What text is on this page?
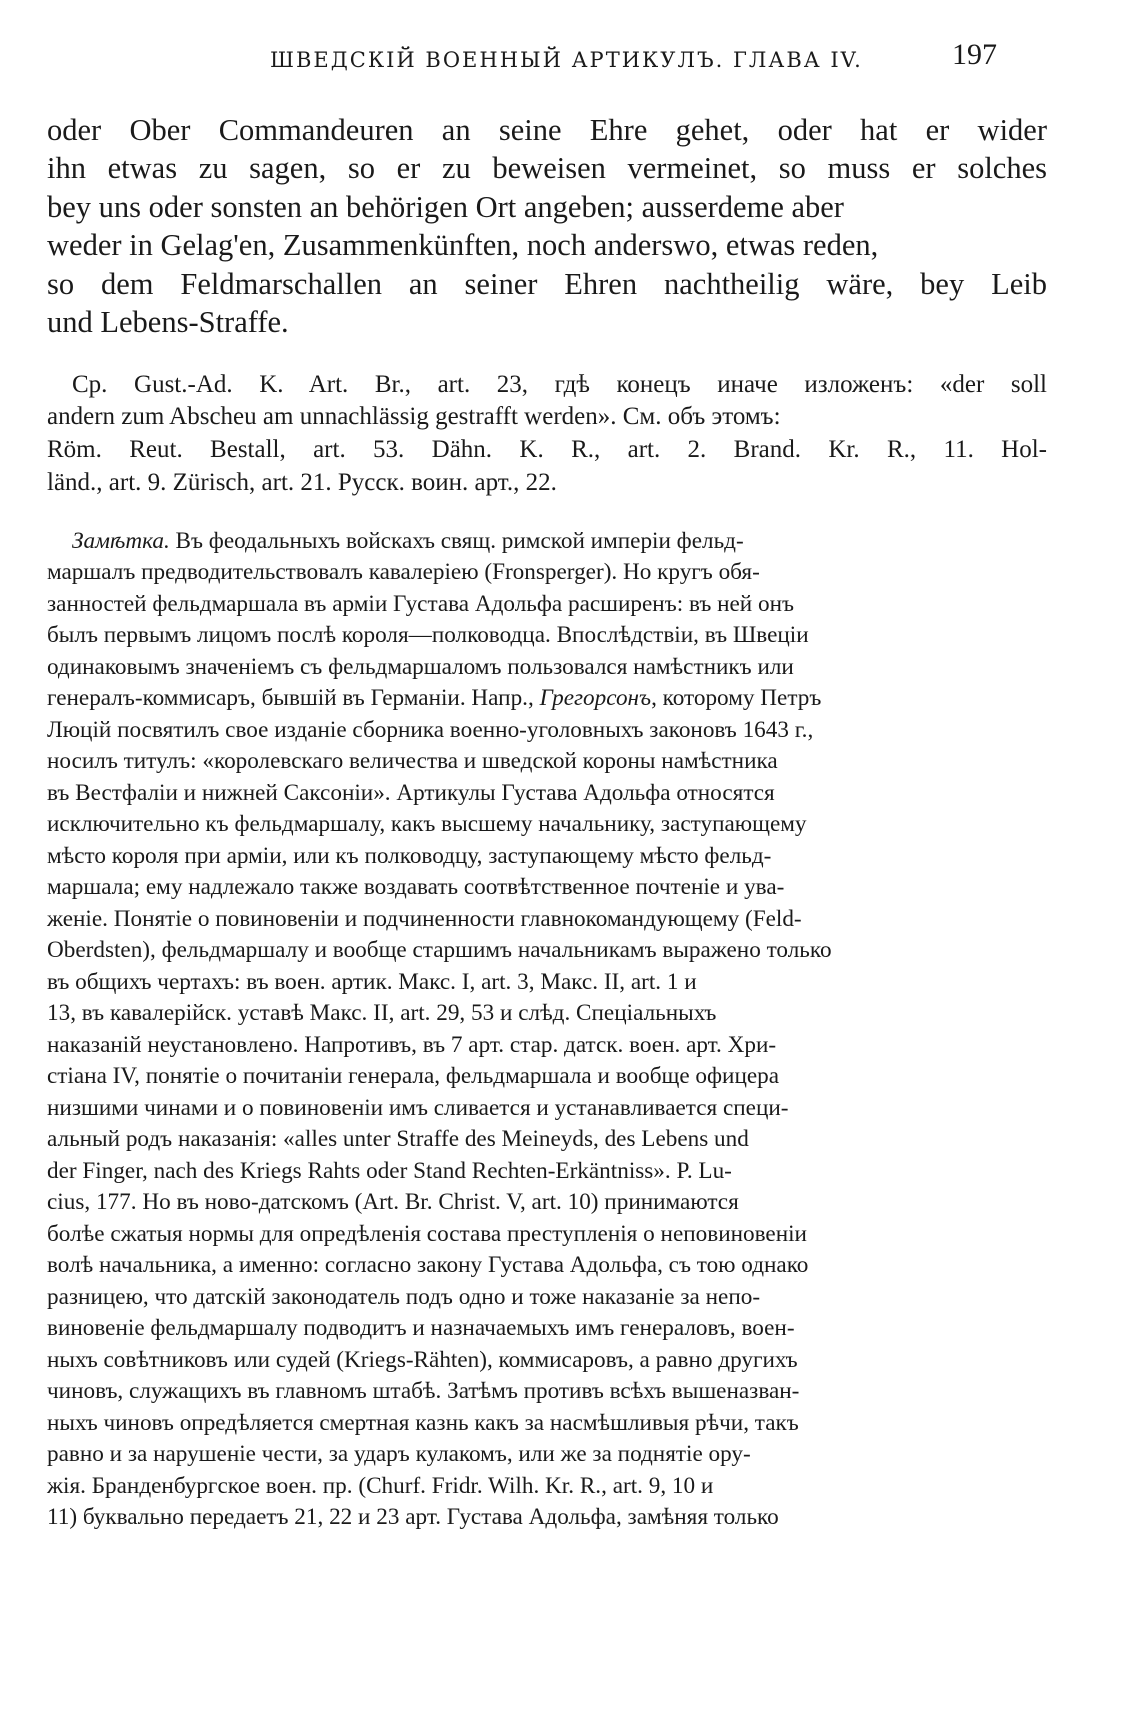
ШВЕДСКІЙ ВОЕННЫЙ АРТИКУЛЪ. ГЛАВА IV.	197
oder Ober Commandeuren an seine Ehre gehet, oder hat er wider
ihn etwas zu sagen, so er zu beweisen vermeinet, so muss er solches
bey uns oder sonsten an behörigen Ort angeben; ausserdeme aber
weder in Gelag'en, Zusammenkünften, noch anderswo, etwas reden,
so dem Feldmarschallen an seiner Ehren nachtheilig wäre, bey Leib
und Lebens-Straffe.
Ср. Gust.-Ad. K. Art. Br., art. 23, гдѣ конецъ иначе изложенъ: «der soll
andern zum Abscheu am unnachlässig gestrafft werden». См. объ этомъ:
Röm. Reut. Bestall, art. 53. Dähn. K. R., art. 2. Brand. Kr. R., 11. Hol-
länd., art. 9. Zürisch, art. 21. Русск. воин. арт., 22.
Замѣтка. Въ феодальныхъ войскахъ свящ. римской имперіи фельд-
маршалъ предводительствовалъ кавалеріею (Fronsperger). Но кругъ обя-
занностей фельдмаршала въ арміи Густава Адольфа расширенъ: въ ней онъ
былъ первымъ лицомъ послѣ короля—полководца. Впослѣдствіи, въ Швеціи
одинаковымъ значеніемъ съ фельдмаршаломъ пользовался намѣстникъ или
генералъ-коммисаръ, бывшій въ Германіи. Напр., Грегорсонъ, которому Петръ
Люцій посвятилъ свое изданіе сборника военно-уголовныхъ законовъ 1643 г.,
носилъ титулъ: «королевскаго величества и шведской короны намѣстника
въ Вестфаліи и нижней Саксоніи». Артикулы Густава Адольфа относятся
исключительно къ фельдмаршалу, какъ высшему начальнику, заступающему
мѣсто короля при арміи, или къ полководцу, заступающему мѣсто фельд-
маршала; ему надлежало также воздавать соотвѣтственное почтеніе и ува-
женіе. Понятіе о повиновеніи и подчиненности главнокомандующему (Feld-
Oberdsten), фельдмаршалу и вообще старшимъ начальникамъ выражено только
въ общихъ чертахъ: въ воен. артик. Макс. I, art. 3, Макс. II, art. 1 и
13, въ кавалерійск. уставѣ Макс. II, art. 29, 53 и слѣд. Спеціальныхъ
наказаній неустановлено. Напротивъ, въ 7 арт. стар. датск. воен. арт. Хри-
стіана IV, понятіе о почитаніи генерала, фельдмаршала и вообще офицера
низшими чинами и о повиновеніи имъ сливается и устанавливается специ-
альный родъ наказанія: «alles unter Straffe des Meineyds, des Lebens und
der Finger, nach des Kriegs Rahts oder Stand Rechten-Erkäntniss». P. Lu-
cius, 177. Но въ ново-датскомъ (Art. Br. Christ. V, art. 10) принимаются
болѣе сжатыя нормы для опредѣленія состава преступленія о неповиновеніи
волѣ начальника, а именно: согласно закону Густава Адольфа, съ тою однако
разницею, что датскій законодатель подъ одно и тоже наказаніе за непо-
виновеніе фельдмаршалу подводитъ и назначаемыхъ имъ генераловъ, воен-
ныхъ совѣтниковъ или судей (Kriegs-Rähten), коммисаровъ, а равно другихъ
чиновъ, служащихъ въ главномъ штабѣ. Затѣмъ противъ всѣхъ вышеназван-
ныхъ чиновъ опредѣляется смертная казнь какъ за насмѣшливыя рѣчи, такъ
равно и за нарушеніе чести, за ударъ кулакомъ, или же за поднятіе ору-
жія. Бранденбургское воен. пр. (Churf. Fridr. Wilh. Kr. R., art. 9, 10 и
11) буквально передаетъ 21, 22 и 23 арт. Густава Адольфа, замѣняя только
